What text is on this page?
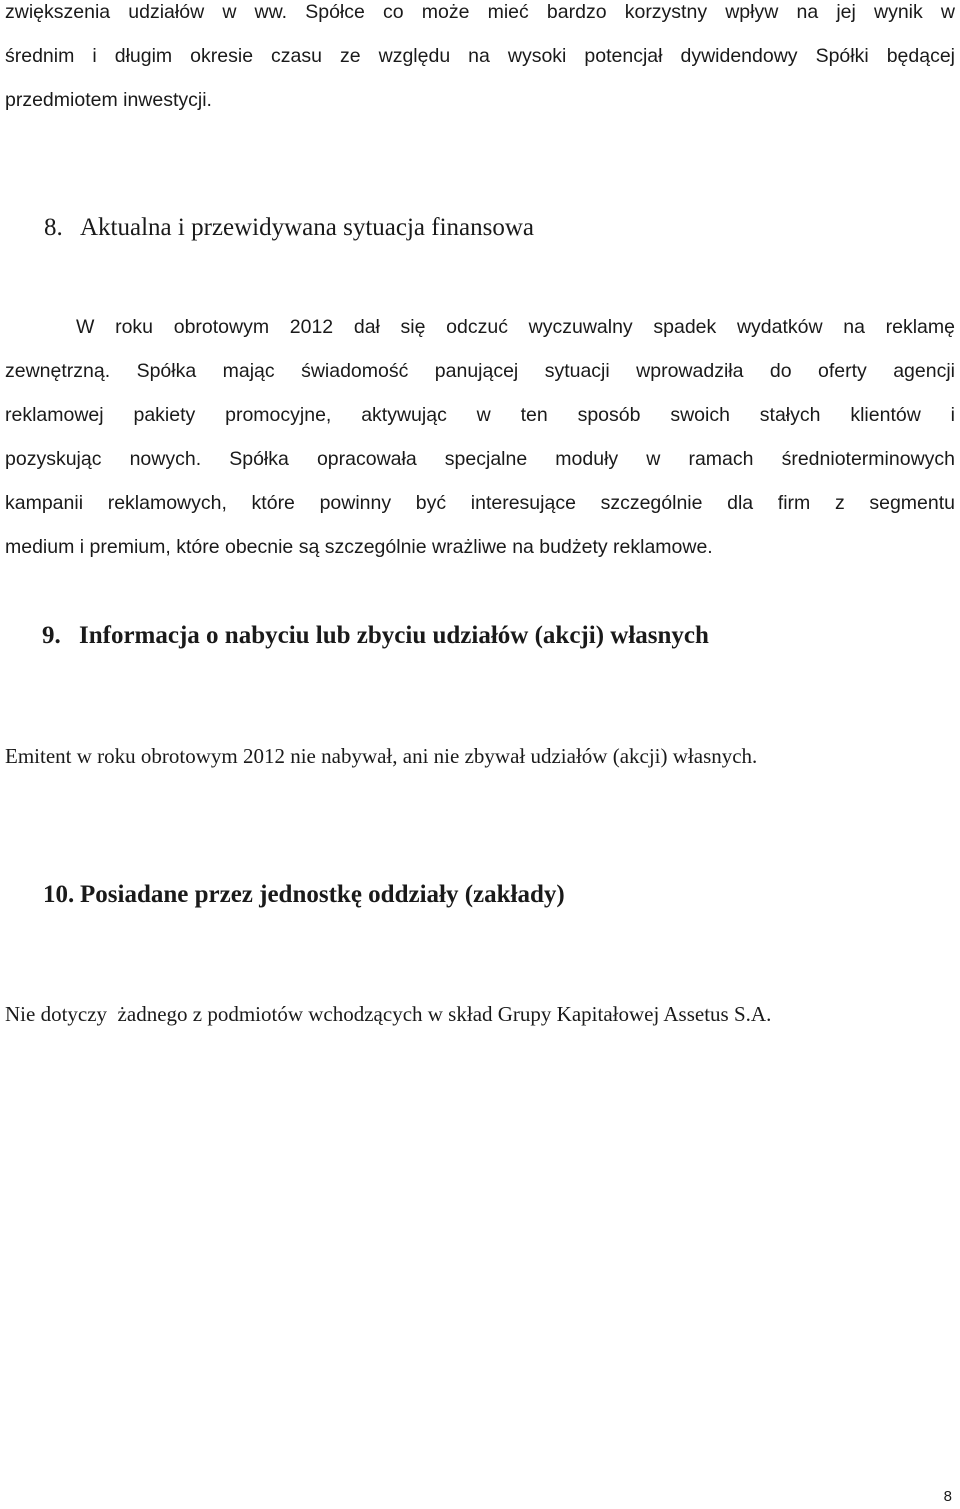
zwiększenia udziałów w ww. Spółce co może mieć bardzo korzystny wpływ na jej wynik w
średnim i długim okresie czasu ze względu na wysoki potencjał dywidendowy Spółki będącej
przedmiotem inwestycji.

8. Aktualna i przewidywana sytuacja finansowa

W roku obrotowym 2012 dał się odczuć wyczuwalny spadek wydatków na reklamę
zewnętrzną. Spółka mając świadomość panującej sytuacji wprowadziła do oferty agencji
reklamowej pakiety promocyjne, aktywując w ten sposób swoich stałych klientów i
pozyskując nowych. Spółka opracowała specjalne moduły w ramach średnioterminowych
kampanii reklamowych, które powinny być interesujące szczególnie dla firm z segmentu
medium i premium, które obecnie są szczególnie wrażliwe na budżety reklamowe.

9. Informacja o nabyciu lub zbyciu udziałów (akcji) własnych

Emitent w roku obrotowym 2012 nie nabywał, ani nie zbywał udziałów (akcji) własnych.

10. Posiadane przez jednostkę oddziały (zakłady)

Nie dotyczy  żadnego z podmiotów wchodzących w skład Grupy Kapitałowej Assetus S.A.

8
